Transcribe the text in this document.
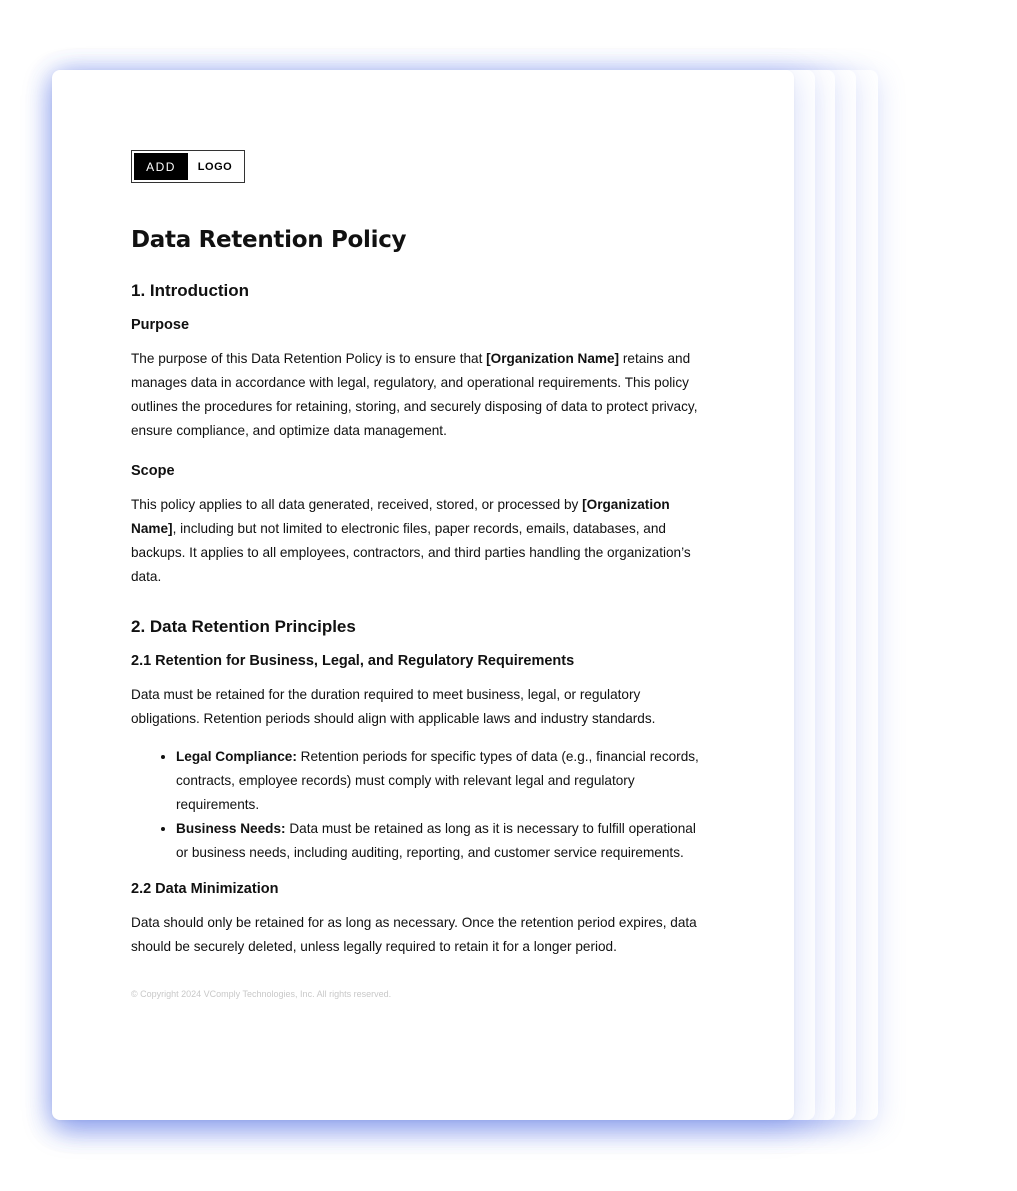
ADD	LOGO
Data Retention Policy
1. Introduction
Purpose

The purpose of this Data Retention Policy is to ensure that [Organization Name] retains and manages data in accordance with legal, regulatory, and operational requirements. This policy outlines the procedures for retaining, storing, and securely disposing of data to protect privacy, ensure compliance, and optimize data management.

Scope

This policy applies to all data generated, received, stored, or processed by [Organization Name], including but not limited to electronic files, paper records, emails, databases, and backups. It applies to all employees, contractors, and third parties handling the organization’s data.

2. Data Retention Principles
2.1 Retention for Business, Legal, and Regulatory Requirements

Data must be retained for the duration required to meet business, legal, or regulatory obligations. Retention periods should align with applicable laws and industry standards.

• Legal Compliance: Retention periods for specific types of data (e.g., financial records, contracts, employee records) must comply with relevant legal and regulatory requirements.
• Business Needs: Data must be retained as long as it is necessary to fulfill operational or business needs, including auditing, reporting, and customer service requirements.
2.2 Data Minimization

Data should only be retained for as long as necessary. Once the retention period expires, data should be securely deleted, unless legally required to retain it for a longer period.

© Copyright 2024 VComply Technologies, Inc. All rights reserved.
